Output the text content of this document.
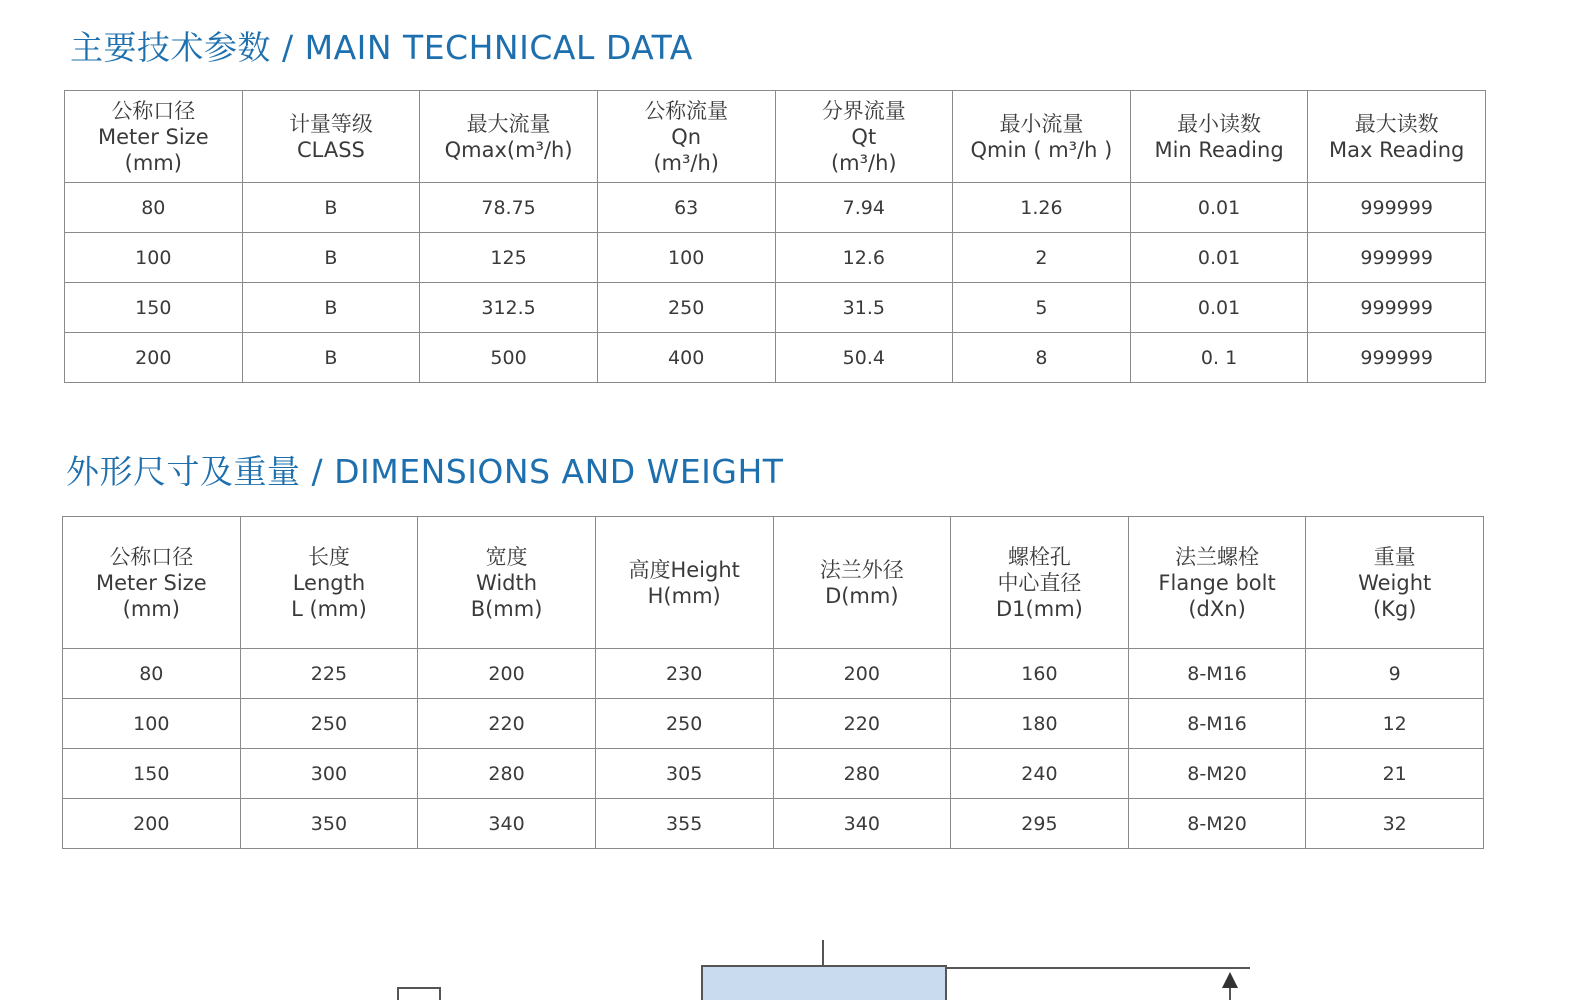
主要技术参数 / MAIN TECHNICAL DATA
公称口径
Meter Size
(mm)	计量等级
CLASS	最大流量
Qmax(m³/h)	公称流量
Qn
(m³/h)	分界流量
Qt
(m³/h)	最小流量
Qmin ( m³/h )	最小读数
Min Reading	最大读数
Max Reading

80	B	78.75	63	7.94	1.26	0.01	999999
100	B	125	100	12.6	2	0.01	999999
150	B	312.5	250	31.5	5	0.01	999999
200	B	500	400	50.4	8	0. 1	999999
外形尺寸及重量 / DIMENSIONS AND WEIGHT
公称口径
Meter Size
(mm)	长度
Length
L (mm)	宽度
Width
B(mm)	高度Height
H(mm)	法兰外径
D(mm)	螺栓孔
中心直径
D1(mm)	法兰螺栓
Flange bolt
(dXn)	重量
Weight
(Kg)

80	225	200	230	200	160	8-M16	9
100	250	220	250	220	180	8-M16	12
150	300	280	305	280	240	8-M20	21
200	350	340	355	340	295	8-M20	32
